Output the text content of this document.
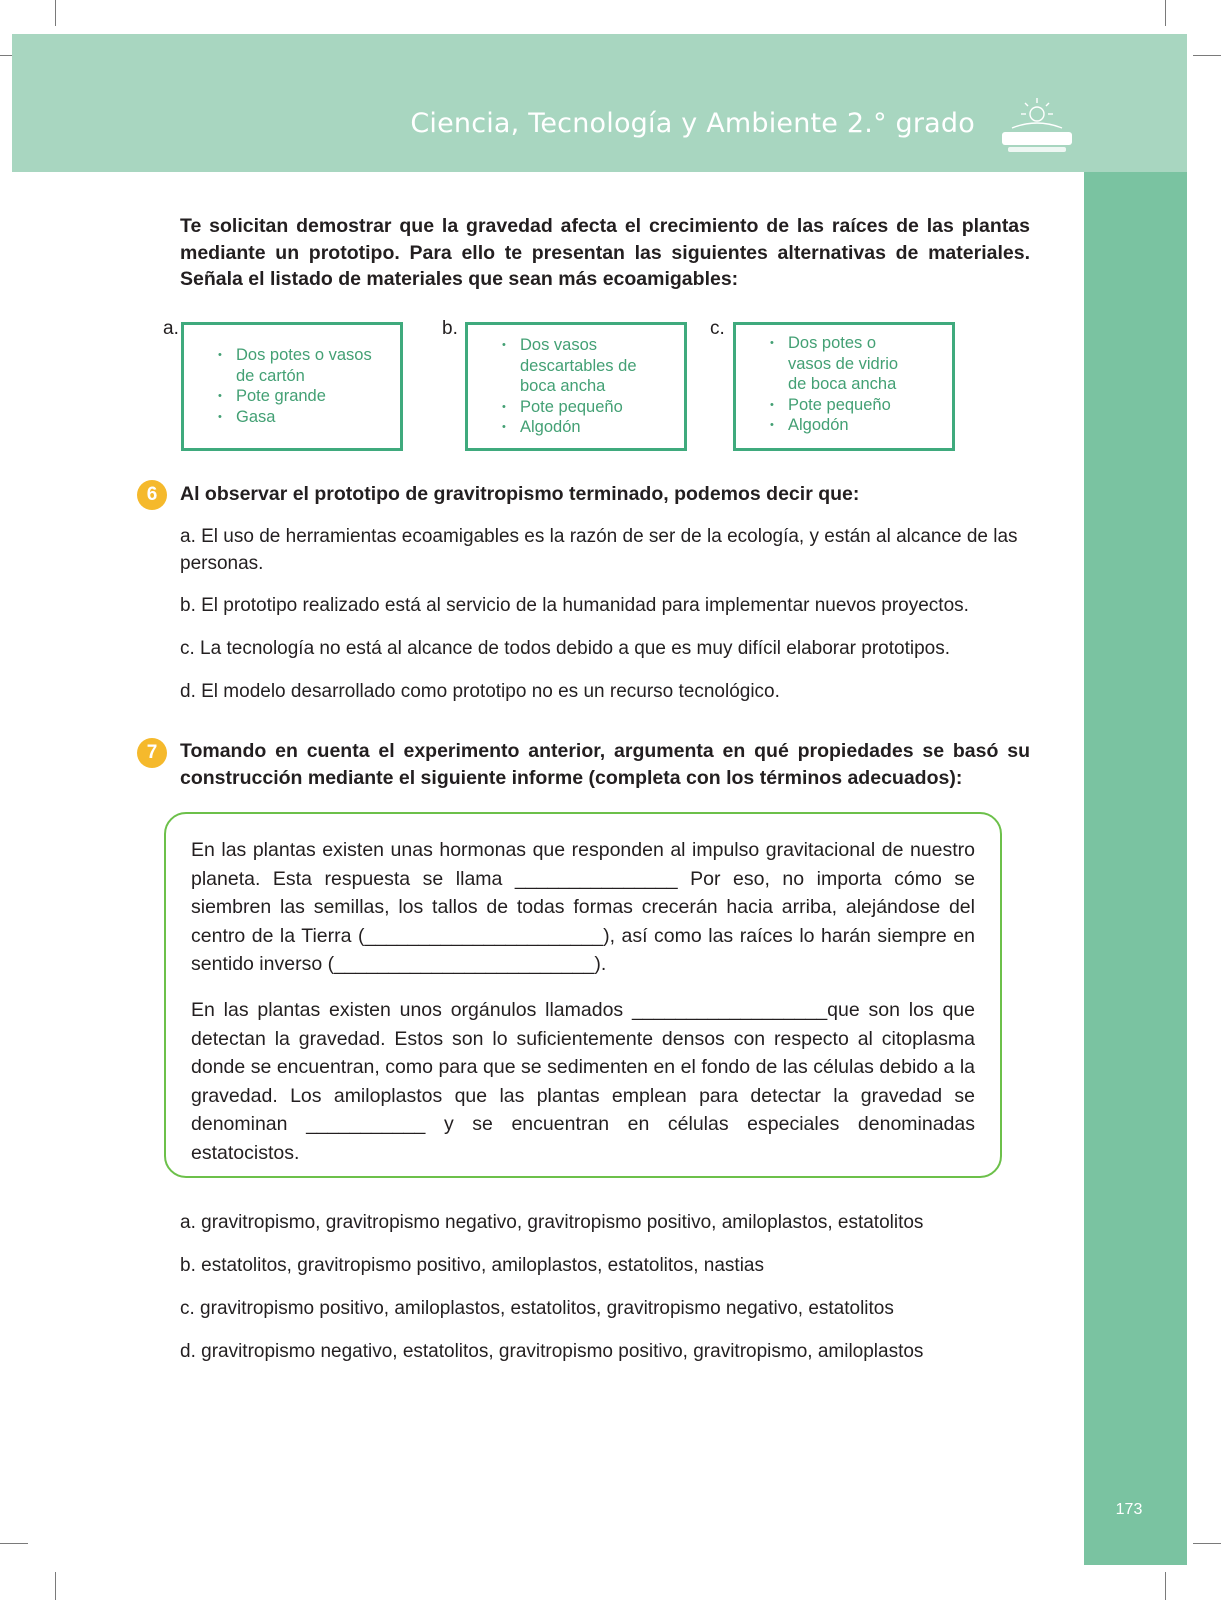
Ciencia, Tecnología y Ambiente 2.° grado
173
Te solicitan demostrar que la gravedad afecta el crecimiento de las raíces de las plantas mediante un prototipo. Para ello te presentan las siguientes alternativas de materiales. Señala el listado de materiales que sean más ecoamigables:
a.
• Dos potes o vasos de cartón
• Pote grande
• Gasa
b.
• Dos vasos descartables de boca ancha
• Pote pequeño
• Algodón
c.
• Dos potes o vasos de vidrio de boca ancha
• Pote pequeño
• Algodón
6	Al observar el prototipo de gravitropismo terminado, podemos decir que:
a. El uso de herramientas ecoamigables es la razón de ser de la ecología, y están al alcance de las personas.
b. El prototipo realizado está al servicio de la humanidad para implementar nuevos proyectos.
c. La tecnología no está al alcance de todos debido a que es muy difícil elaborar prototipos.
d. El modelo desarrollado como prototipo no es un recurso tecnológico.
7	Tomando en cuenta el experimento anterior, argumenta en qué propiedades se basó su construcción mediante el siguiente informe (completa con los términos adecuados):
En las plantas existen unas hormonas que responden al impulso gravitacional de nuestro planeta. Esta respuesta se llama _______________ Por eso, no importa cómo se siembren las semillas, los tallos de todas formas crecerán hacia arriba, alejándose del centro de la Tierra (______________________), así como las raíces lo harán siempre en sentido inverso (________________________).
En las plantas existen unos orgánulos llamados __________________que son los que detectan la gravedad. Estos son lo suficientemente densos con respecto al citoplasma donde se encuentran, como para que se sedimenten en el fondo de las células debido a la gravedad. Los amiloplastos que las plantas emplean para detectar la gravedad se denominan ___________ y se encuentran en células especiales denominadas estatocistos.
a. gravitropismo, gravitropismo negativo, gravitropismo positivo, amiloplastos, estatolitos
b. estatolitos, gravitropismo positivo, amiloplastos, estatolitos, nastias
c. gravitropismo positivo, amiloplastos, estatolitos, gravitropismo negativo, estatolitos
d. gravitropismo negativo, estatolitos, gravitropismo positivo, gravitropismo, amiloplastos
